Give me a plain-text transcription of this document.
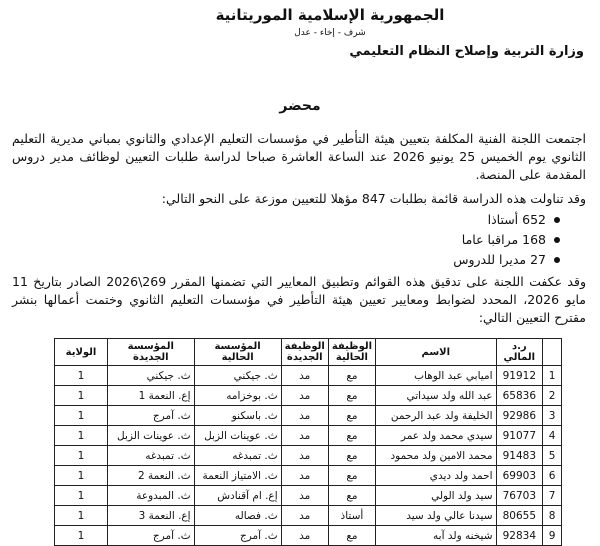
الجمهورية الإسلامية الموريتانية
شرف - إخاء - عدل
وزارة التربية وإصلاح النظام التعليمي
محضر
اجتمعت اللجنة الفنية المكلفة بتعيين هيئة التأطير في مؤسسات التعليم الإعدادي والثانوي بمباني مديرية التعليم الثانوي يوم الخميس 25 يونيو 2026 عند الساعة العاشرة صباحا لدراسة طلبات التعيين لوظائف مدير دروس المقدمة على المنصة.
وقد تناولت هذه الدراسة قائمة بطلبات 847 مؤهلا للتعيين موزعة على النحو التالي:
652 أستاذا
168 مراقبا عاما
27 مديرا للدروس
وقد عكفت اللجنة على تدقيق هذه القوائم وتطبيق المعايير التي تضمنها المقرر 269\2026 الصادر بتاريخ 11 مايو 2026، المحدد لضوابط ومعايير تعيين هيئة التأطير في مؤسسات التعليم الثانوي وختمت أعمالها بنشر مقترح التعيين التالي:
	ر.د المالي	الاسم	الوظيفة الحالية	الوظيفة الجديدة	المؤسسة الحالية	المؤسسة الجديدة	الولاية
1	91912	اميابي عبد الوهاب	مع	مد	ث. جيكني	ث. جيكني	1
2	65836	عبد الله ولد سيداتي	مع	مد	ث. بوخزامه	إع. النعمة 1	1
3	92986	الخليفة ولد عبد الرحمن	مع	مد	ث. باسكنو	ث. آمرج	1
4	91077	سيدي محمد ولد عمر	مع	مد	ث. عوينات الزبل	ث. عوينات الزبل	1
5	91483	محمد الامين ولد محمود	مع	مد	ث. تمبدغه	ث. تمبدغه	1
6	69903	احمد ولد ديدي	مع	مد	ث. الامتياز النعمة	ث. النعمة 2	1
7	76703	سيد ولد الولي	مع	مد	إع. ام آقنادش	ث. المبدوعة	1
8	80655	سيدنا عالي ولد سيد	أستاذ	مد	ث. فصاله	إع. النعمة 3	1
9	92834	شيخنه ولد آبه	مع	مد	ث. آمرج	ث. آمرج	1
